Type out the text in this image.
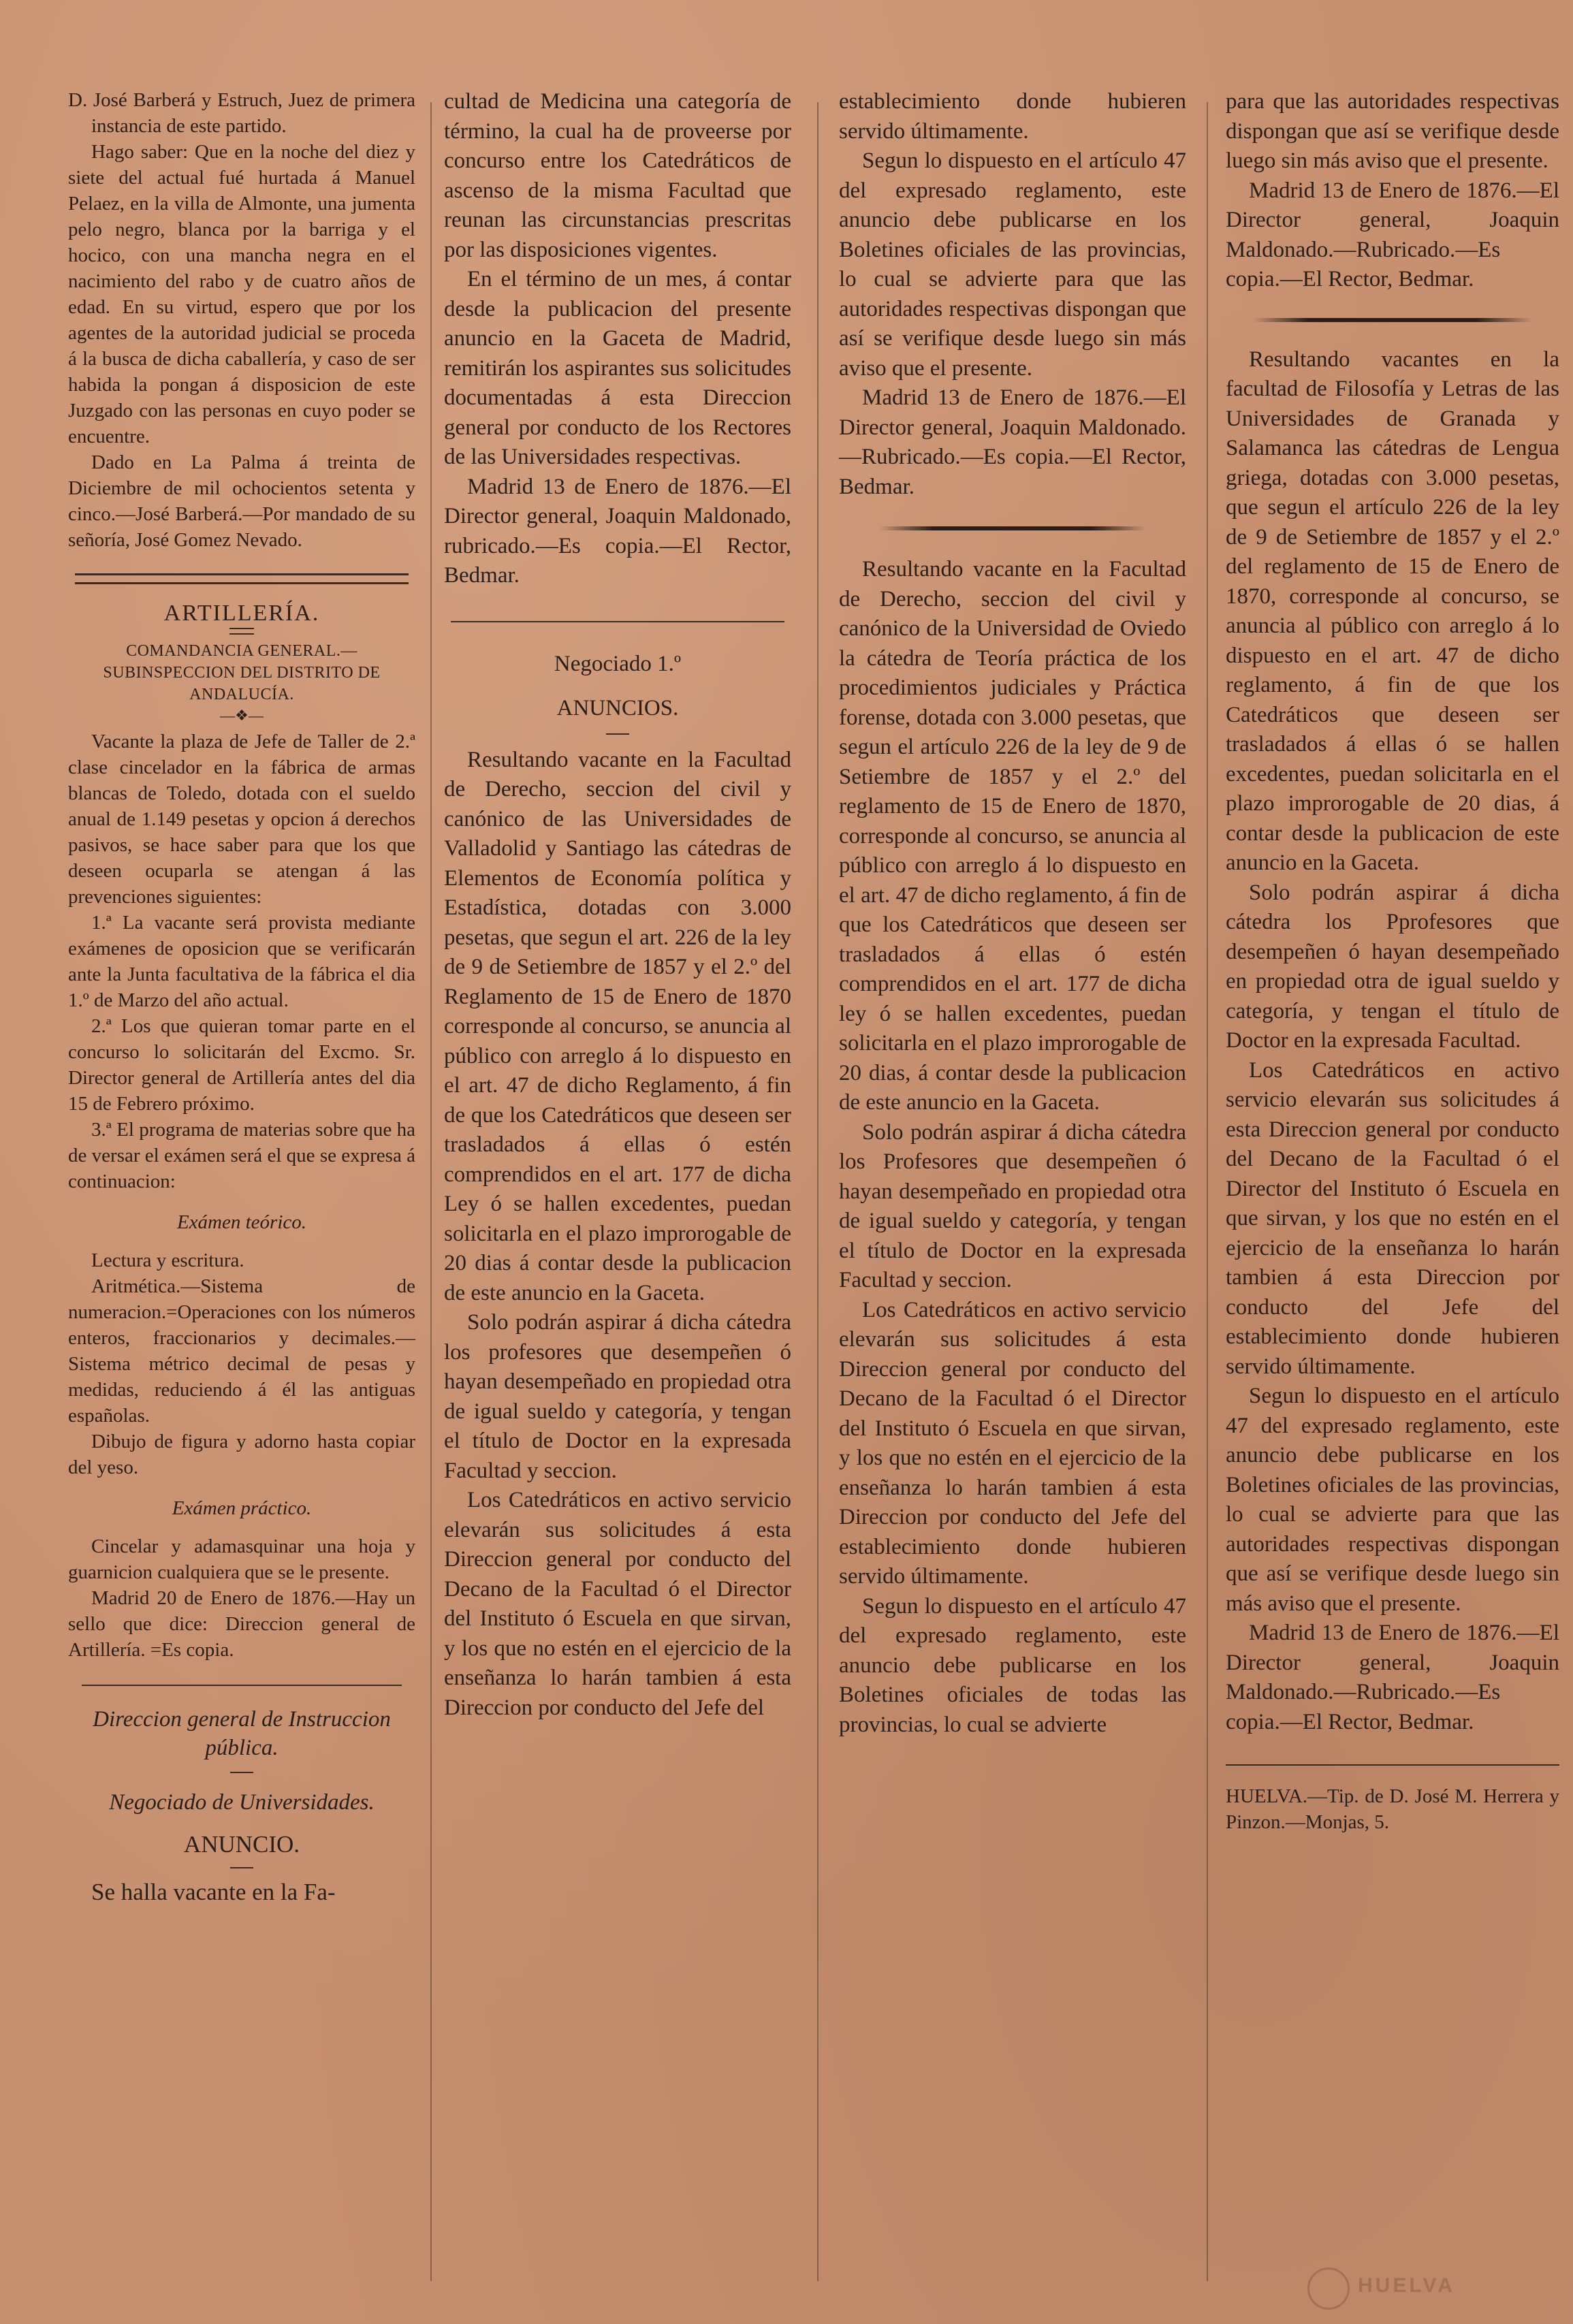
D. José Barberá y Estruch, Juez de primera instancia de este partido.

Hago saber: Que en la noche del diez y siete del actual fué hurtada á Manuel Pelaez, en la villa de Almonte, una jumenta pelo negro, blanca por la barriga y el hocico, con una mancha negra en el nacimiento del rabo y de cuatro años de edad. En su virtud, espero que por los agentes de la autoridad judicial se proceda á la busca de dicha caballería, y caso de ser habida la pongan á disposicion de este Juzgado con las personas en cuyo poder se encuentre.

Dado en La Palma á treinta de Diciembre de mil ochocientos setenta y cinco.—José Barberá.—Por mandado de su señoría, José Gomez Nevado.

ARTILLERÍA.

COMANDANCIA GENERAL.—SUBINSPECCION DEL DISTRITO DE ANDALUCÍA.

—❖—

Vacante la plaza de Jefe de Taller de 2.ª clase cincelador en la fábrica de armas blancas de Toledo, dotada con el sueldo anual de 1.149 pesetas y opcion á derechos pasivos, se hace saber para que los que deseen ocuparla se atengan á las prevenciones siguientes:

1.ª La vacante será provista mediante exámenes de oposicion que se verificarán ante la Junta facultativa de la fábrica el dia 1.º de Marzo del año actual.

2.ª Los que quieran tomar parte en el concurso lo solicitarán del Excmo. Sr. Director general de Artillería antes del dia 15 de Febrero próximo.

3.ª El programa de materias sobre que ha de versar el exámen será el que se expresa á continuacion:

Exámen teórico.

Lectura y escritura.

Aritmética.—Sistema de numeracion.=Operaciones con los números enteros, fraccionarios y decimales.—Sistema métrico decimal de pesas y medidas, reduciendo á él las antiguas españolas.

Dibujo de figura y adorno hasta copiar del yeso.

Exámen práctico.

Cincelar y adamasquinar una hoja y guarnicion cualquiera que se le presente.

Madrid 20 de Enero de 1876.—Hay un sello que dice: Direccion general de Artillería. =Es copia.

Direccion general de Instruccion pública.

Negociado de Universidades.

ANUNCIO.

Se halla vacante en la Fa-

cultad de Medicina una categoría de término, la cual ha de proveerse por concurso entre los Catedráticos de ascenso de la misma Facultad que reunan las circunstancias prescritas por las disposiciones vigentes.

En el término de un mes, á contar desde la publicacion del presente anuncio en la Gaceta de Madrid, remitirán los aspirantes sus solicitudes documentadas á esta Direccion general por conducto de los Rectores de las Universidades respectivas.

Madrid 13 de Enero de 1876.—El Director general, Joaquin Maldonado, rubricado.—Es copia.—El Rector, Bedmar.

Negociado 1.º

ANUNCIOS.

Resultando vacante en la Facultad de Derecho, seccion del civil y canónico de las Universidades de Valladolid y Santiago las cátedras de Elementos de Economía política y Estadística, dotadas con 3.000 pesetas, que segun el art. 226 de la ley de 9 de Setiembre de 1857 y el 2.º del Reglamento de 15 de Enero de 1870 corresponde al concurso, se anuncia al público con arreglo á lo dispuesto en el art. 47 de dicho Reglamento, á fin de que los Catedráticos que deseen ser trasladados á ellas ó estén comprendidos en el art. 177 de dicha Ley ó se hallen excedentes, puedan solicitarla en el plazo improrogable de 20 dias á contar desde la publicacion de este anuncio en la Gaceta.

Solo podrán aspirar á dicha cátedra los profesores que desempeñen ó hayan desempeñado en propiedad otra de igual sueldo y categoría, y tengan el título de Doctor en la expresada Facultad y seccion.

Los Catedráticos en activo servicio elevarán sus solicitudes á esta Direccion general por conducto del Decano de la Facultad ó el Director del Instituto ó Escuela en que sirvan, y los que no estén en el ejercicio de la enseñanza lo harán tambien á esta Direccion por conducto del Jefe del

establecimiento donde hubieren servido últimamente.

Segun lo dispuesto en el artículo 47 del expresado reglamento, este anuncio debe publicarse en los Boletines oficiales de las provincias, lo cual se advierte para que las autoridades respectivas dispongan que así se verifique desde luego sin más aviso que el presente.

Madrid 13 de Enero de 1876.—El Director general, Joaquin Maldonado.—Rubricado.—Es copia.—El Rector, Bedmar.

Resultando vacante en la Facultad de Derecho, seccion del civil y canónico de la Universidad de Oviedo la cátedra de Teoría práctica de los procedimientos judiciales y Práctica forense, dotada con 3.000 pesetas, que segun el artículo 226 de la ley de 9 de Setiembre de 1857 y el 2.º del reglamento de 15 de Enero de 1870, corresponde al concurso, se anuncia al público con arreglo á lo dispuesto en el art. 47 de dicho reglamento, á fin de que los Catedráticos que deseen ser trasladados á ellas ó estén comprendidos en el art. 177 de dicha ley ó se hallen excedentes, puedan solicitarla en el plazo improrogable de 20 dias, á contar desde la publicacion de este anuncio en la Gaceta.

Solo podrán aspirar á dicha cátedra los Profesores que desempeñen ó hayan desempeñado en propiedad otra de igual sueldo y categoría, y tengan el título de Doctor en la expresada Facultad y seccion.

Los Catedráticos en activo servicio elevarán sus solicitudes á esta Direccion general por conducto del Decano de la Facultad ó el Director del Instituto ó Escuela en que sirvan, y los que no estén en el ejercicio de la enseñanza lo harán tambien á esta Direccion por conducto del Jefe del establecimiento donde hubieren servido últimamente.

Segun lo dispuesto en el artículo 47 del expresado reglamento, este anuncio debe publicarse en los Boletines oficiales de todas las provincias, lo cual se advierte

para que las autoridades respectivas dispongan que así se verifique desde luego sin más aviso que el presente.

Madrid 13 de Enero de 1876.—El Director general, Joaquin Maldonado.—Rubricado.—Es copia.—El Rector, Bedmar.

Resultando vacantes en la facultad de Filosofía y Letras de las Universidades de Granada y Salamanca las cátedras de Lengua griega, dotadas con 3.000 pesetas, que segun el artículo 226 de la ley de 9 de Setiembre de 1857 y el 2.º del reglamento de 15 de Enero de 1870, corresponde al concurso, se anuncia al público con arreglo á lo dispuesto en el art. 47 de dicho reglamento, á fin de que los Catedráticos que deseen ser trasladados á ellas ó se hallen excedentes, puedan solicitarla en el plazo improrogable de 20 dias, á contar desde la publicacion de este anuncio en la Gaceta.

Solo podrán aspirar á dicha cátedra los Pprofesores que desempeñen ó hayan desempeñado en propiedad otra de igual sueldo y categoría, y tengan el título de Doctor en la expresada Facultad.

Los Catedráticos en activo servicio elevarán sus solicitudes á esta Direccion general por conducto del Decano de la Facultad ó el Director del Instituto ó Escuela en que sirvan, y los que no estén en el ejercicio de la enseñanza lo harán tambien á esta Direccion por conducto del Jefe del establecimiento donde hubieren servido últimamente.

Segun lo dispuesto en el artículo 47 del expresado reglamento, este anuncio debe publicarse en los Boletines oficiales de las provincias, lo cual se advierte para que las autoridades respectivas dispongan que así se verifique desde luego sin más aviso que el presente.

Madrid 13 de Enero de 1876.—El Director general, Joaquin Maldonado.—Rubricado.—Es copia.—El Rector, Bedmar.

HUELVA.—Tip. de D. José M. Herrera y Pinzon.—Monjas, 5.

HUELVA
